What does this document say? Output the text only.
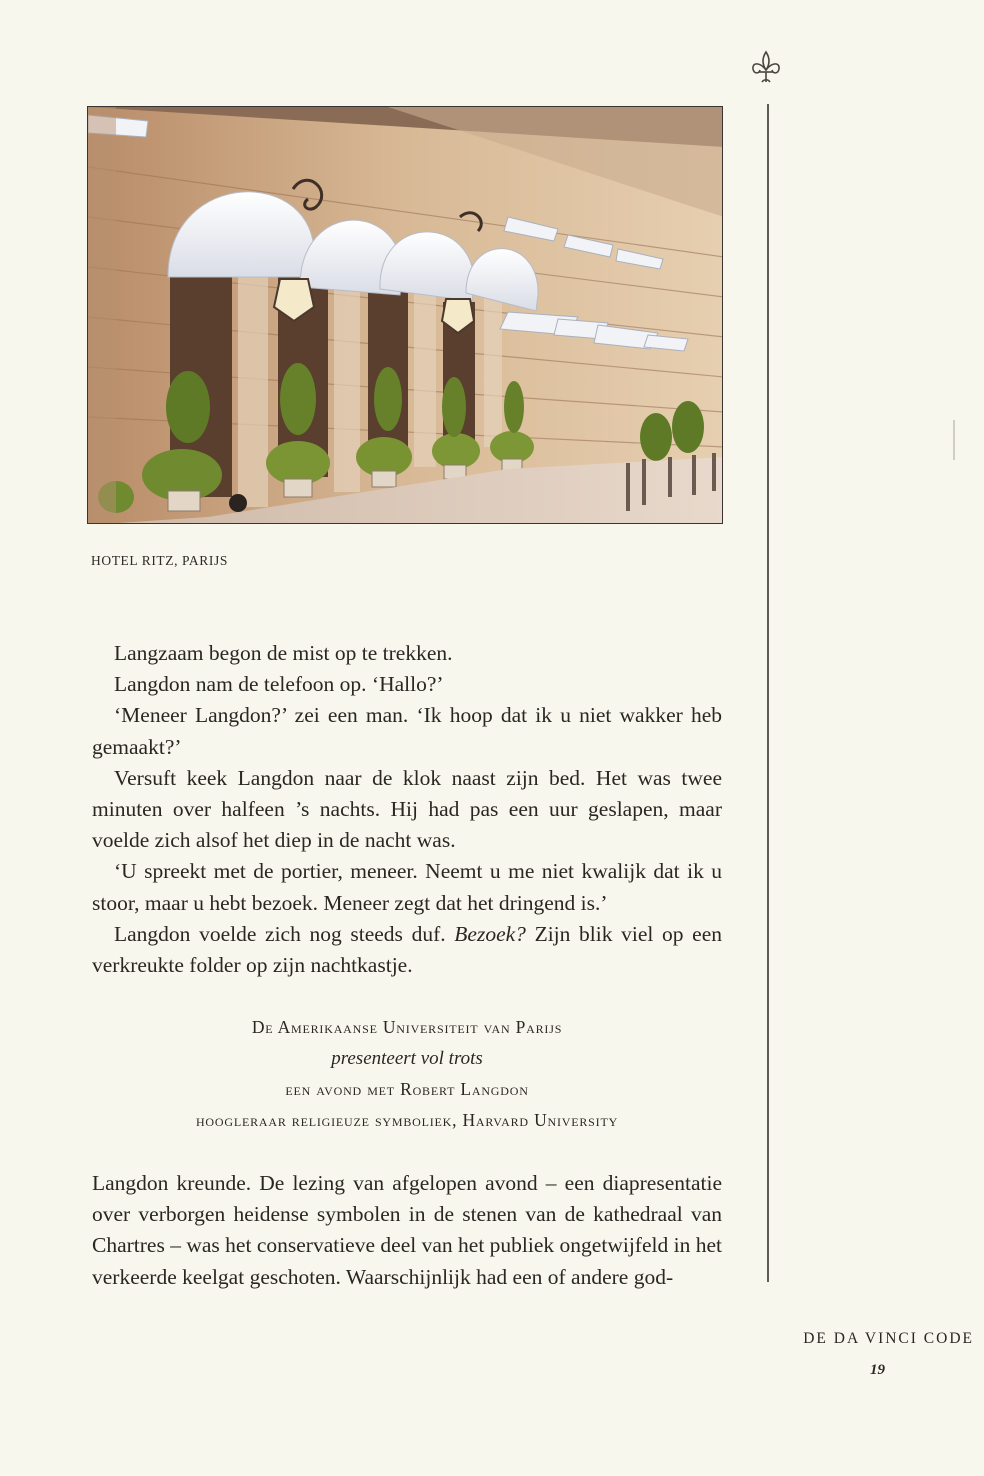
HOTEL RITZ, PARIJS

Langzaam begon de mist op te trekken.

Langdon nam de telefoon op. ‘Hallo?’

‘Meneer Langdon?’ zei een man. ‘Ik hoop dat ik u niet wakker heb gemaakt?’

Versuft keek Langdon naar de klok naast zijn bed. Het was twee minuten over halfeen ’s nachts. Hij had pas een uur geslapen, maar voelde zich alsof het diep in de nacht was.

‘U spreekt met de portier, meneer. Neemt u me niet kwalijk dat ik u stoor, maar u hebt bezoek. Meneer zegt dat het dringend is.’

Langdon voelde zich nog steeds duf. Bezoek? Zijn blik viel op een verkreukte folder op zijn nachtkastje.

De Amerikaanse Universiteit van Parijs
presenteert vol trots
een avond met Robert Langdon
hoogleraar religieuze symboliek, Harvard University

Langdon kreunde. De lezing van afgelopen avond – een diapresentatie over verborgen heidense symbolen in de stenen van de kathedraal van Chartres – was het conservatieve deel van het publiek ongetwijfeld in het verkeerde keelgat geschoten. Waarschijnlijk had een of andere god-

DE DA VINCI CODE
19
